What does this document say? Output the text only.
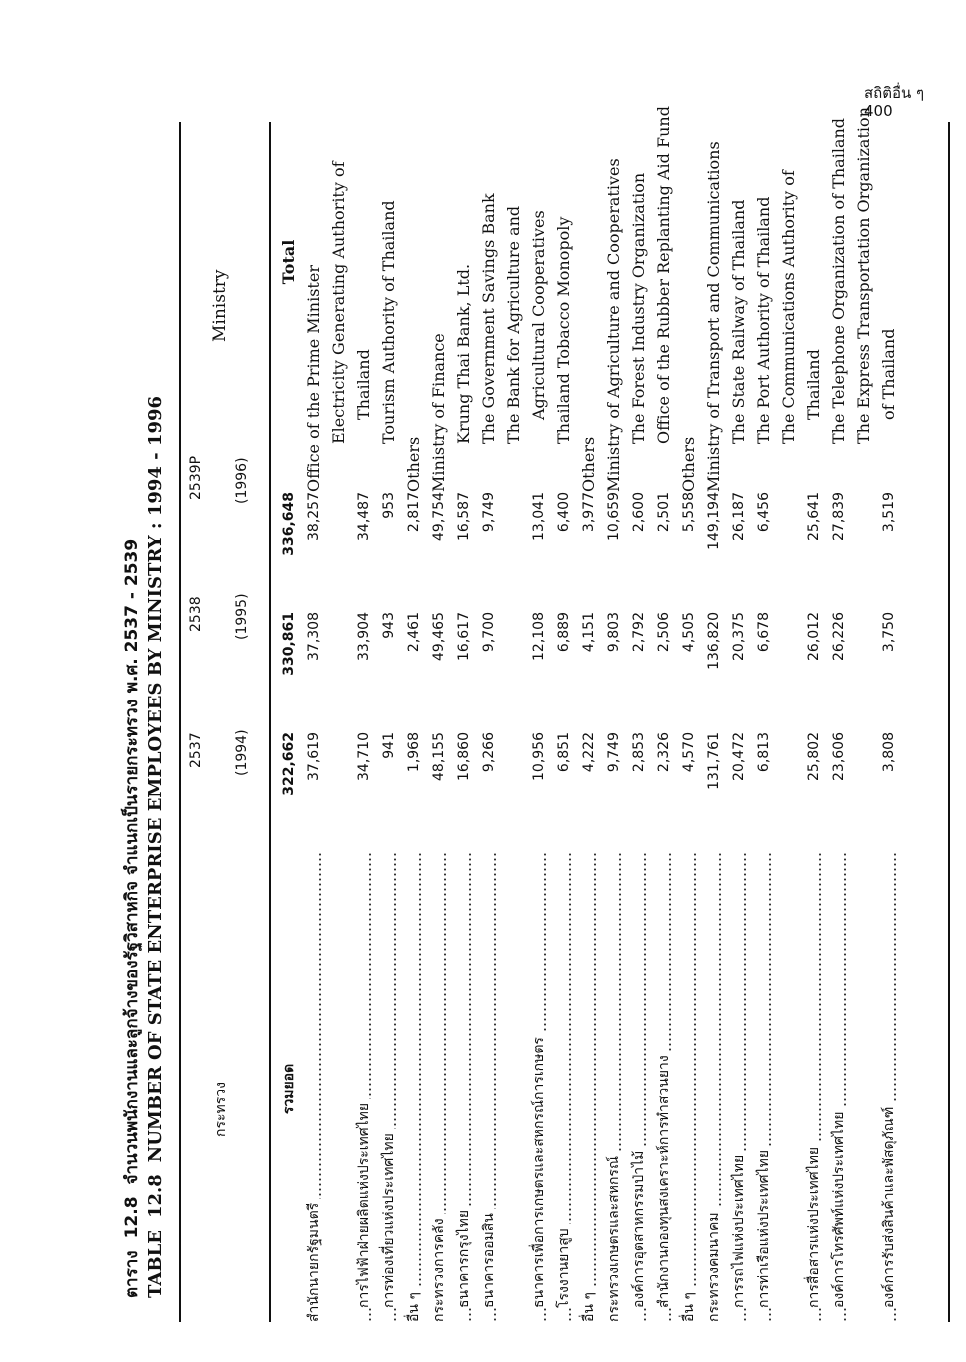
สถิติอื่น ๆ
400
ตาราง12.8จำนวนพนักงานและลูกจ้างของรัฐวิสาหกิจ จำแนกเป็นรายกระทรวง พ.ศ. 2537 - 2539
TABLE12.8NUMBER OF STATE ENTERPRISE EMPLOYEES BY MINISTRY : 1994 - 1996	กระทรวง
2537 (1994)
2538 (1995)
2539P (1996)
Ministry
รวมยอด	322,662	330,861	336,648	Total
สำนักนายกรัฐมนตรี	37,619	37,308	38,257	Office of the Prime Minister
				Electricity Generating Authority of
การไฟฟ้าฝ่ายผลิตแห่งประเทศไทย	34,710	33,904	34,487	Thailand
การท่องเที่ยวแห่งประเทศไทย	941	943	953	Tourism Authority of Thailand
อื่น ๆ	1,968	2,461	2,817	Others
กระทรวงการคลัง	48,155	49,465	49,754	Ministry of Finance
ธนาคารกรุงไทย	16,860	16,617	16,587	Krung Thai Bank, Ltd.
ธนาคารออมสิน	9,266	9,700	9,749	The Government Savings Bank
				The Bank for Agriculture and
ธนาคารเพื่อการเกษตรและสหกรณ์การเกษตร	10,956	12,108	13,041	Agricultural Cooperatives
โรงงานยาสูบ	6,851	6,889	6,400	Thailand Tobacco Monopoly
อื่น ๆ	4,222	4,151	3,977	Others
กระทรวงเกษตรและสหกรณ์	9,749	9,803	10,659	Ministry of Agriculture and Cooperatives
องค์การอุตสาหกรรมป่าไม้	2,853	2,792	2,600	The Forest Industry Organization
สำนักงานกองทุนสงเคราะห์การทำสวนยาง	2,326	2,506	2,501	Office of the Rubber Replanting Aid Fund
อื่น ๆ	4,570	4,505	5,558	Others
กระทรวงคมนาคม	131,761	136,820	149,194	Ministry of Transport and Communications
การรถไฟแห่งประเทศไทย	20,472	20,375	26,187	The State Railway of Thailand
การท่าเรือแห่งประเทศไทย	6,813	6,678	6,456	The Port Authority of Thailand
				The Communications Authority of
การสื่อสารแห่งประเทศไทย	25,802	26,012	25,641	Thailand
องค์การโทรศัพท์แห่งประเทศไทย	23,606	26,226	27,839	The Telephone Organization of Thailand
				The Express Transportation Organization
องค์การรับส่งสินค้าและพัสดุภัณฑ์	3,808	3,750	3,519	of Thailand
